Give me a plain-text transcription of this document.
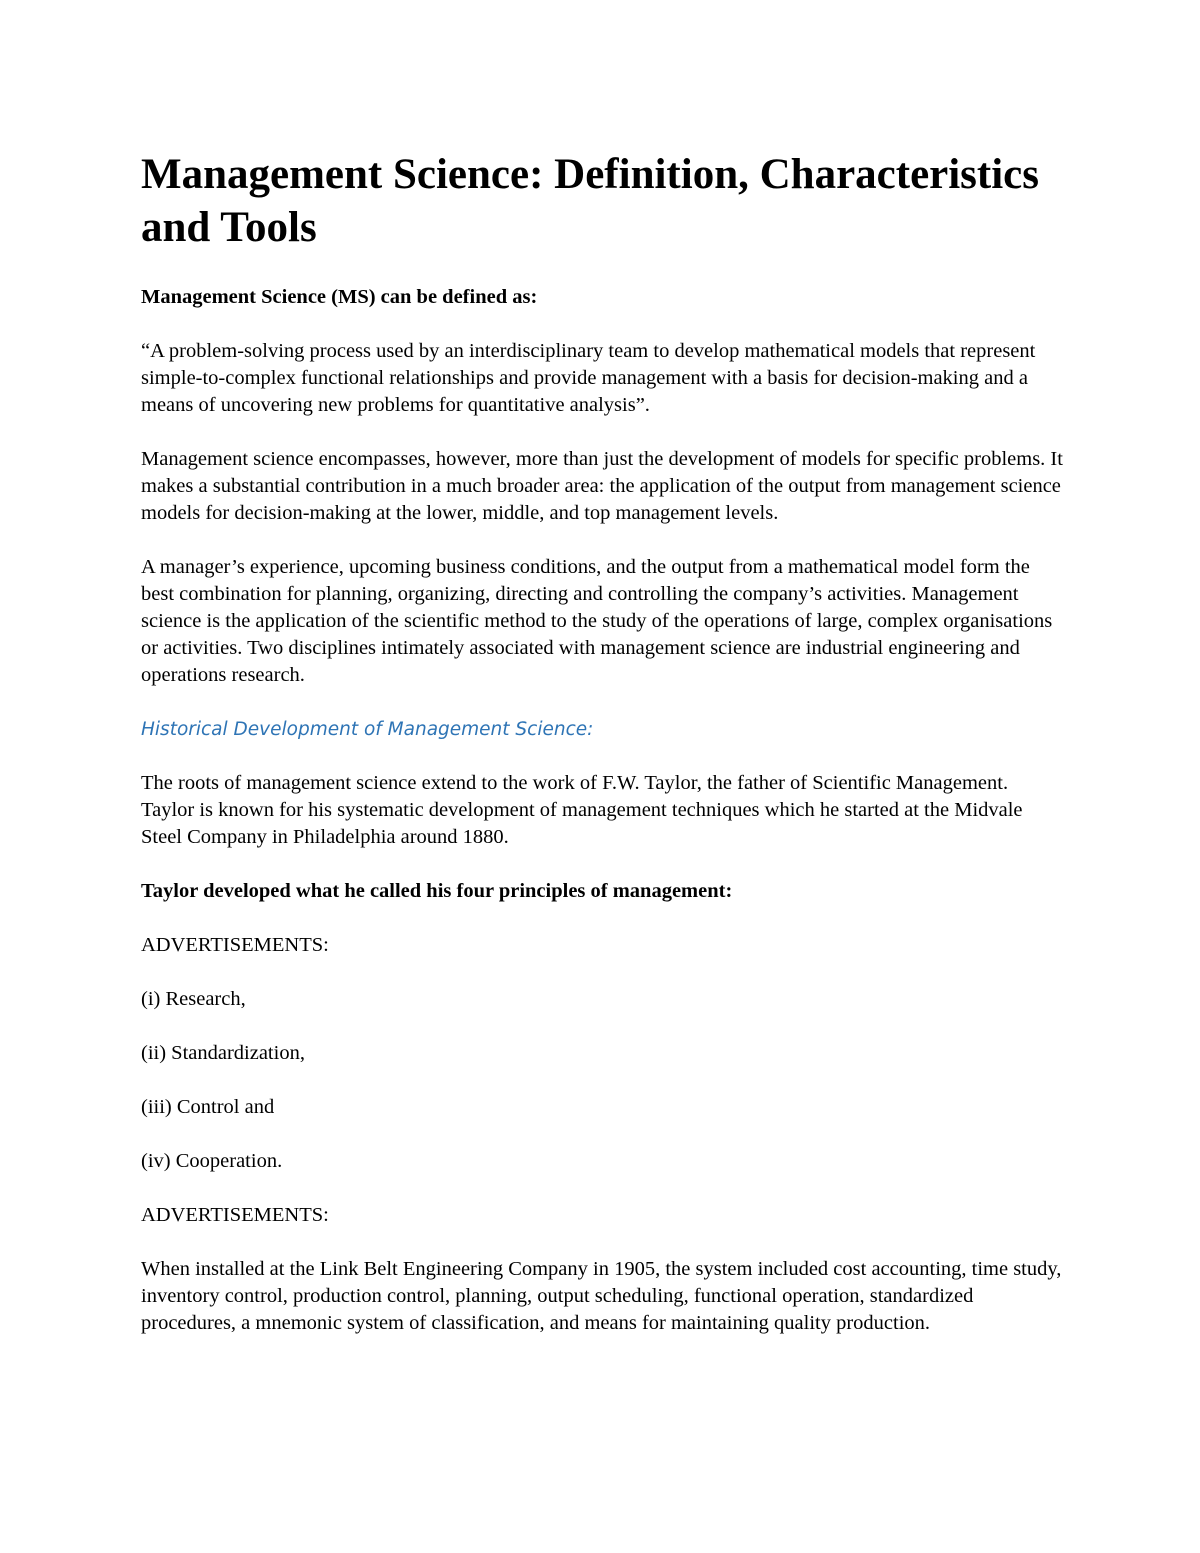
Management Science: Definition, Characteristics and Tools

Management Science (MS) can be defined as:

“A problem-solving process used by an interdisciplinary team to develop mathematical models that represent simple-to-complex functional relationships and provide management with a basis for decision-making and a means of uncovering new problems for quantitative analysis”.

Management science encompasses, however, more than just the development of models for specific problems. It makes a substantial contribution in a much broader area: the application of the output from management science models for decision-making at the lower, middle, and top management levels.

A manager’s experience, upcoming business conditions, and the output from a mathematical model form the best combination for planning, organizing, directing and controlling the company’s activities. Management science is the application of the scientific method to the study of the operations of large, complex organisations or activities. Two disciplines intimately associated with management science are industrial engineering and operations research.

Historical Development of Management Science:

The roots of management science extend to the work of F.W. Taylor, the father of Scientific Management. Taylor is known for his systematic development of management techniques which he started at the Midvale Steel Company in Philadelphia around 1880.

Taylor developed what he called his four principles of management:

ADVERTISEMENTS:

(i) Research,

(ii) Standardization,

(iii) Control and

(iv) Cooperation.

ADVERTISEMENTS:

When installed at the Link Belt Engineering Company in 1905, the system included cost accounting, time study, inventory control, production control, planning, output scheduling, functional operation, standardized procedures, a mnemonic system of classification, and means for maintaining quality production.
